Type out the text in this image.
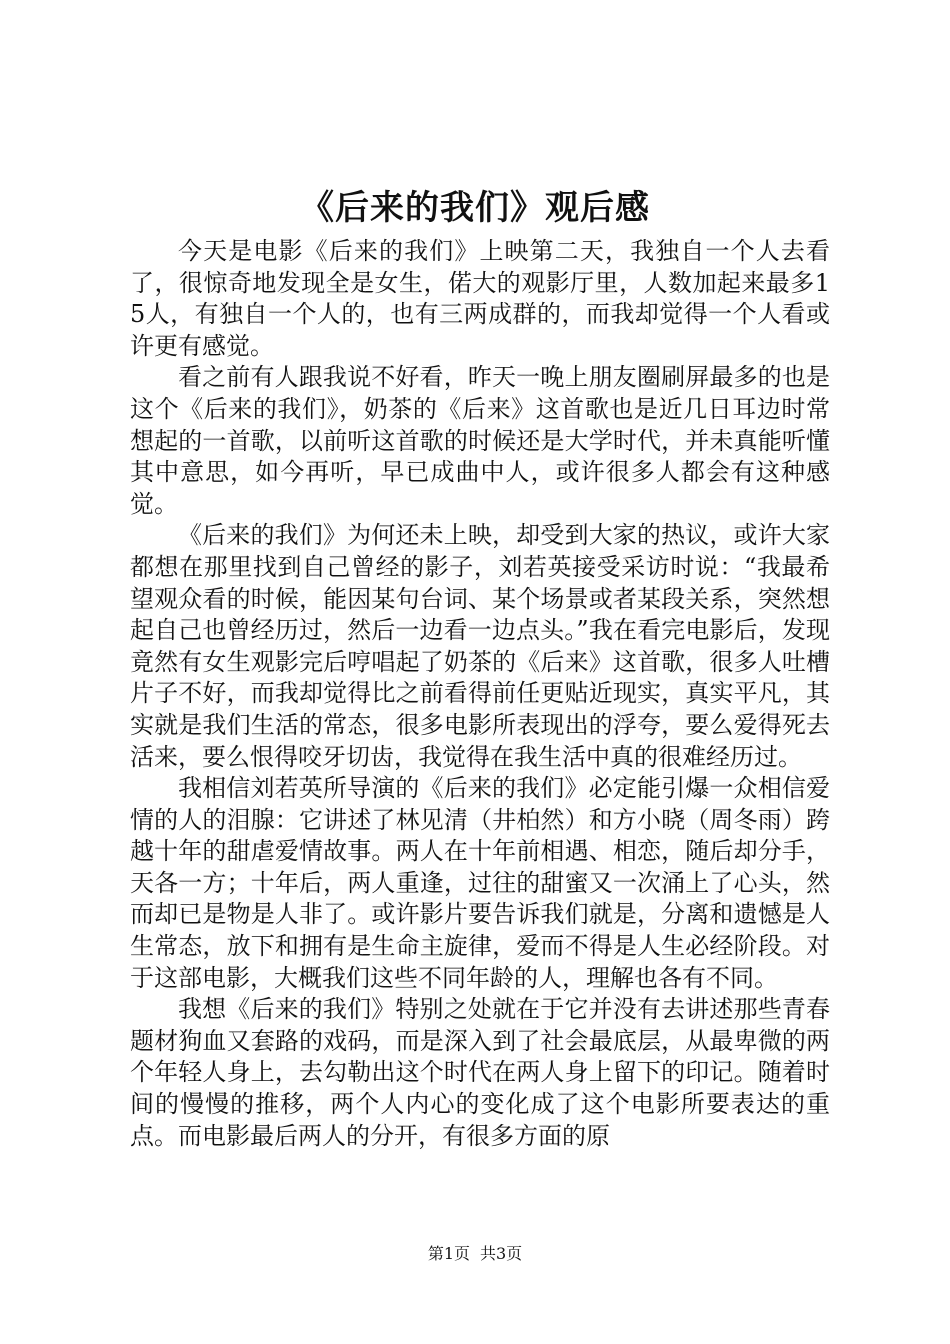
《后来的我们》观后感

今天是电影《后来的我们》上映第二天，我独自一个人去看了，很惊奇地发现全是女生，偌大的观影厅里，人数加起来最多15人，有独自一个人的，也有三两成群的，而我却觉得一个人看或许更有感觉。

看之前有人跟我说不好看，昨天一晚上朋友圈刷屏最多的也是这个《后来的我们》，奶茶的《后来》这首歌也是近几日耳边时常想起的一首歌，以前听这首歌的时候还是大学时代，并未真能听懂其中意思，如今再听，早已成曲中人，或许很多人都会有这种感觉。

《后来的我们》为何还未上映，却受到大家的热议，或许大家都想在那里找到自己曾经的影子，刘若英接受采访时说：“我最希望观众看的时候，能因某句台词、某个场景或者某段关系，突然想起自己也曾经历过，然后一边看一边点头。”我在看完电影后，发现竟然有女生观影完后哼唱起了奶茶的《后来》这首歌，很多人吐槽片子不好，而我却觉得比之前看得前任更贴近现实，真实平凡，其实就是我们生活的常态，很多电影所表现出的浮夸，要么爱得死去活来，要么恨得咬牙切齿，我觉得在我生活中真的很难经历过。

我相信刘若英所导演的《后来的我们》必定能引爆一众相信爱情的人的泪腺：它讲述了林见清（井柏然）和方小晓（周冬雨）跨越十年的甜虐爱情故事。两人在十年前相遇、相恋，随后却分手，天各一方；十年后，两人重逢，过往的甜蜜又一次涌上了心头，然而却已是物是人非了。或许影片要告诉我们就是，分离和遗憾是人生常态，放下和拥有是生命主旋律，爱而不得是人生必经阶段。对于这部电影，大概我们这些不同年龄的人，理解也各有不同。

我想《后来的我们》特别之处就在于它并没有去讲述那些青春题材狗血又套路的戏码，而是深入到了社会最底层，从最卑微的两个年轻人身上，去勾勒出这个时代在两人身上留下的印记。随着时间的慢慢的推移，两个人内心的变化成了这个电影所要表达的重点。而电影最后两人的分开，有很多方面的原

第1页 共3页
